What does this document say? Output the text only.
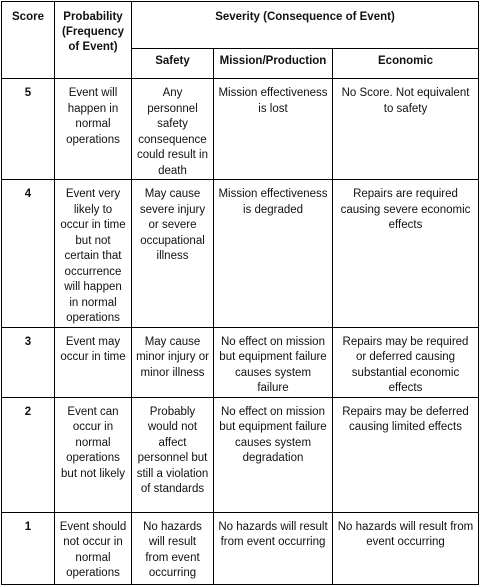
Score	Probability (Frequency of Event)	Severity (Consequence of Event)		
		Safety	Mission/Production	Economic
5	Event will happen in normal operations	Any personnel safety consequence could result in death	Mission effectiveness is lost	No Score. Not equivalent to safety
4	Event very likely to occur in time but not certain that occurrence will happen in normal operations	May cause severe injury or severe occupational illness	Mission effectiveness is degraded	Repairs are required causing severe economic effects
3	Event may occur in time	May cause minor injury or minor illness	No effect on mission but equipment failure causes system failure	Repairs may be required or deferred causing substantial economic effects
2	Event can occur in normal operations but not likely	Probably would not affect personnel but still a violation of standards	No effect on mission but equipment failure causes system degradation	Repairs may be deferred causing limited effects
1	Event should not occur in normal operations	No hazards will result from event occurring	No hazards will result from event occurring	No hazards will result from event occurring
